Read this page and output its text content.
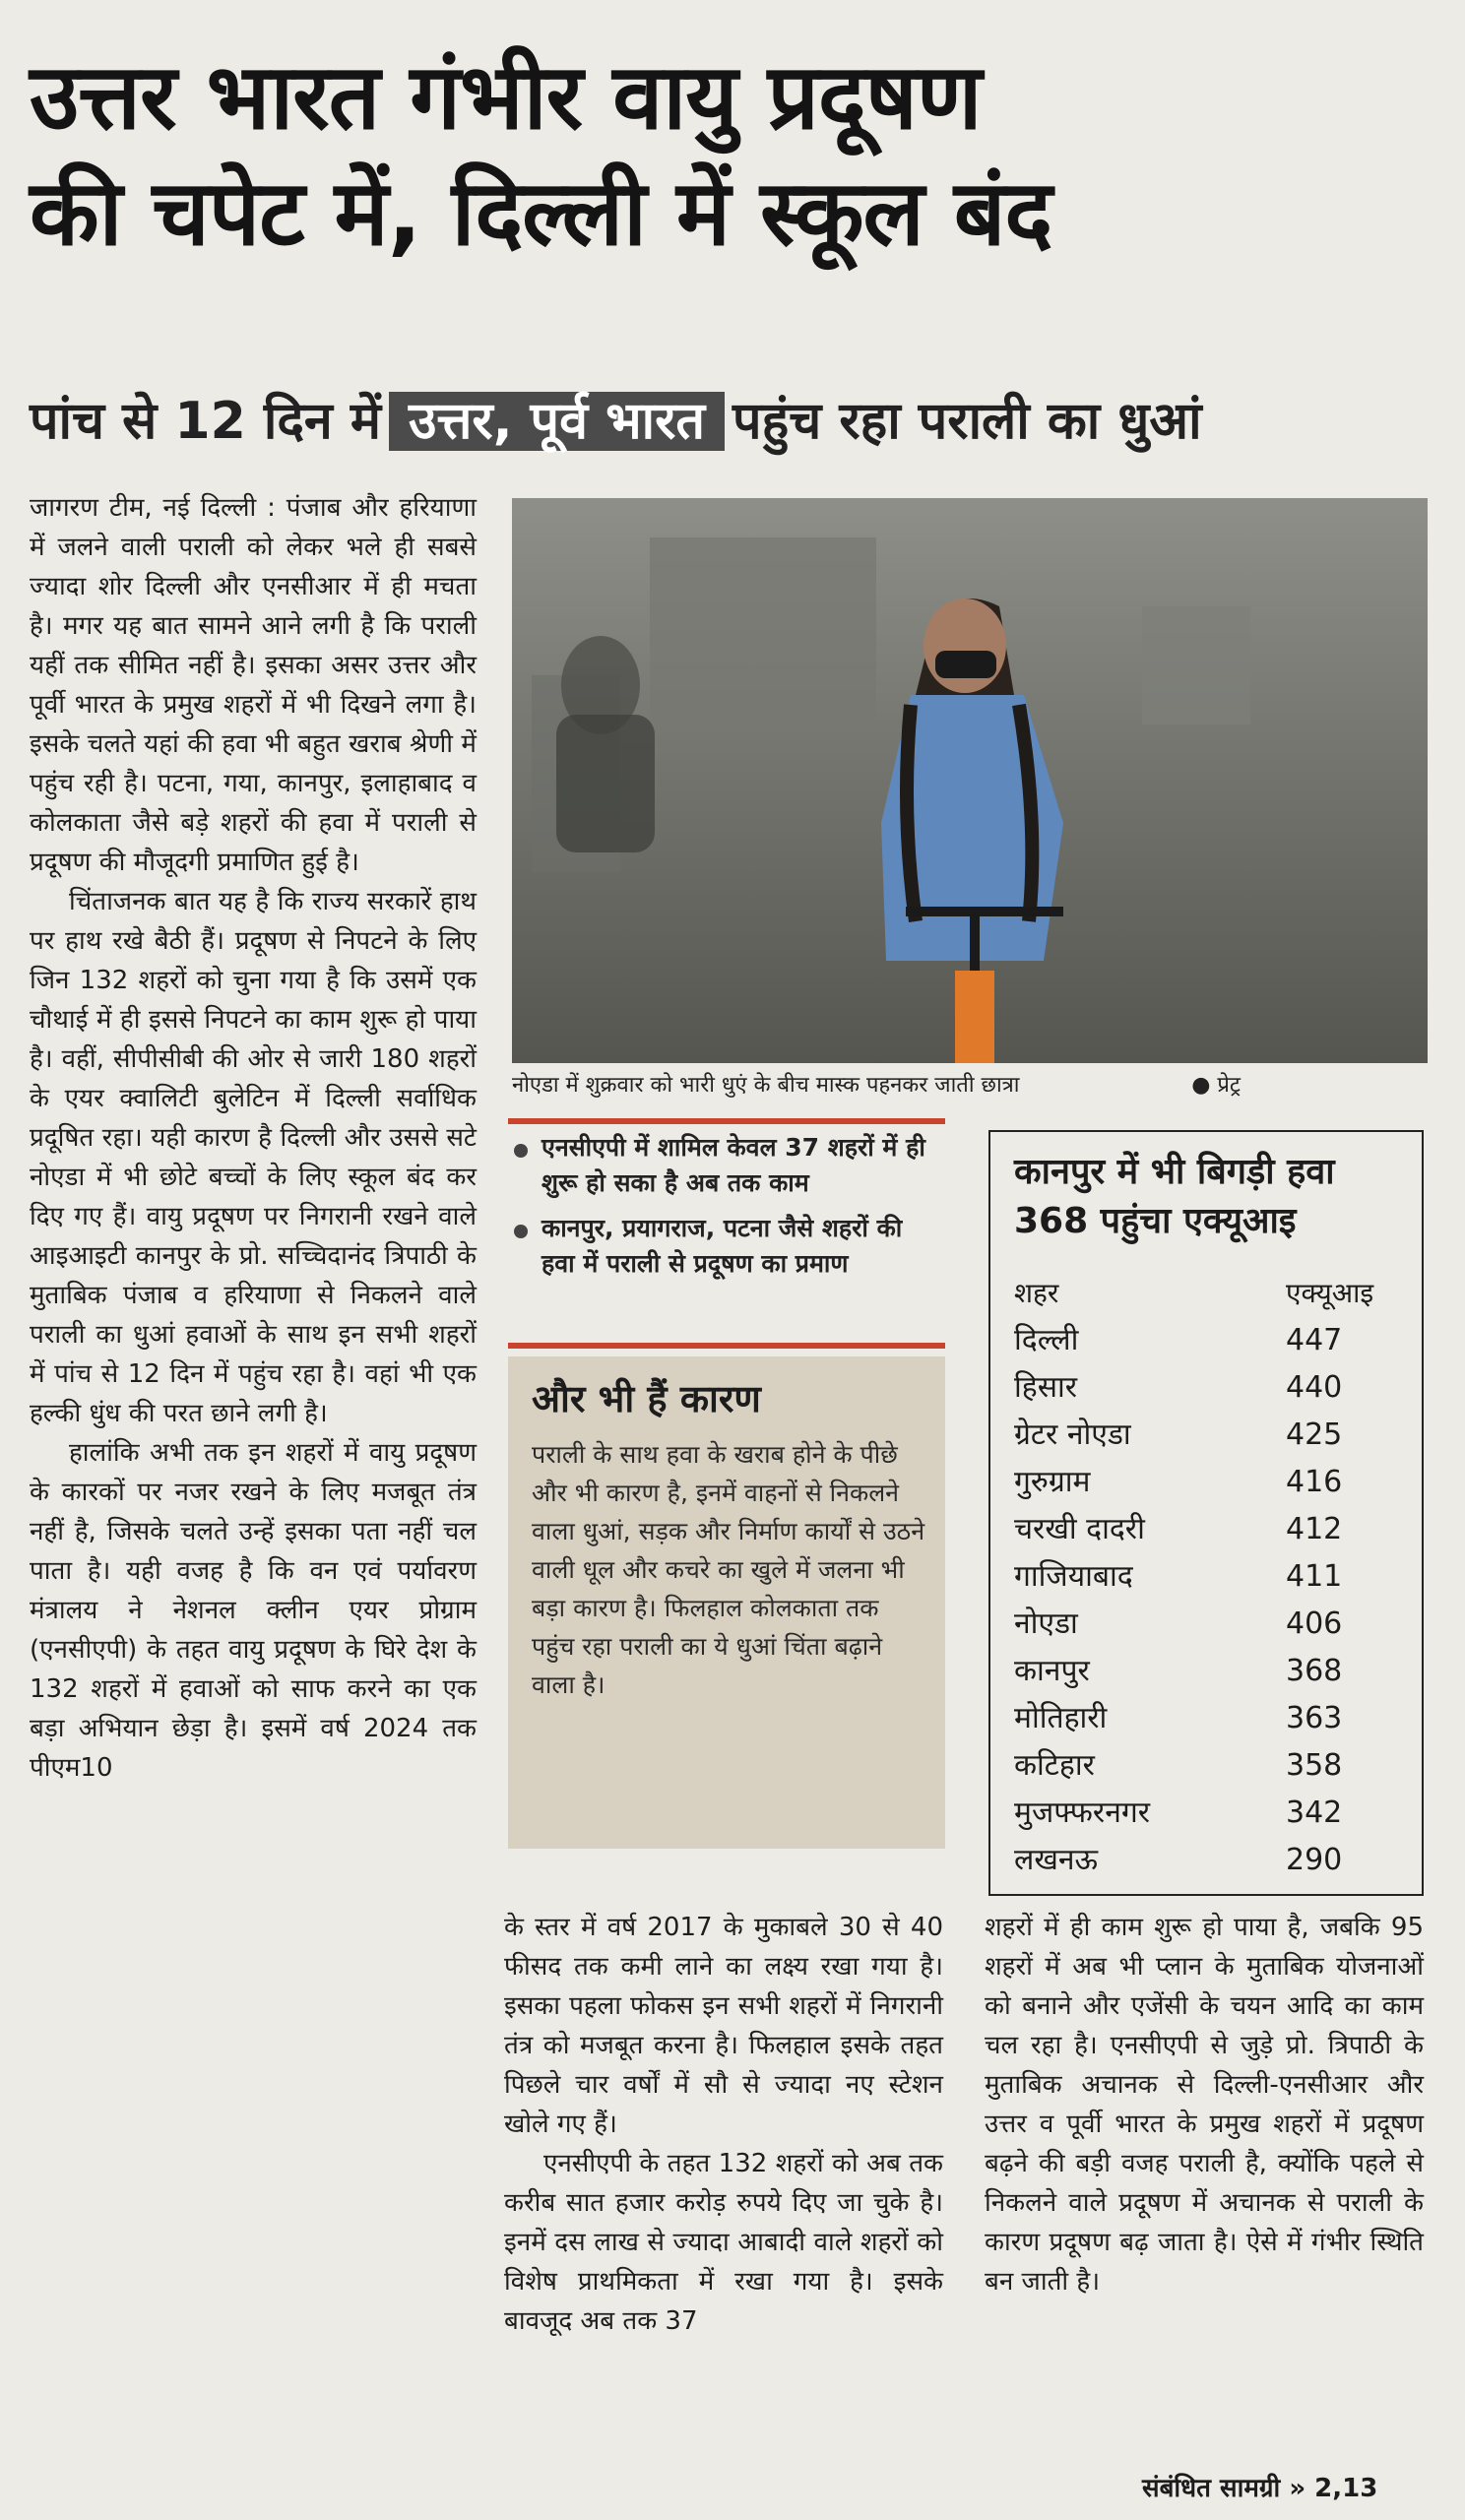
उत्तर भारत गंभीर वायु प्रदूषण
की चपेट में, दिल्ली में स्कूल बंद
पांच से 12 दिन में उत्तर, पूर्व भारत पहुंच रहा पराली का धुआं

जागरण टीम, नई दिल्ली : पंजाब और हरियाणा में जलने वाली पराली को लेकर भले ही सबसे ज्यादा शोर दिल्ली और एनसीआर में ही मचता है। मगर यह बात सामने आने लगी है कि पराली यहीं तक सीमित नहीं है। इसका असर उत्तर और पूर्वी भारत के प्रमुख शहरों में भी दिखने लगा है। इसके चलते यहां की हवा भी बहुत खराब श्रेणी में पहुंच रही है। पटना, गया, कानपुर, इलाहाबाद व कोलकाता जैसे बड़े शहरों की हवा में पराली से प्रदूषण की मौजूदगी प्रमाणित हुई है।

चिंताजनक बात यह है कि राज्य सरकारें हाथ पर हाथ रखे बैठी हैं। प्रदूषण से निपटने के लिए जिन 132 शहरों को चुना गया है कि उसमें एक चौथाई में ही इससे निपटने का काम शुरू हो पाया है। वहीं, सीपीसीबी की ओर से जारी 180 शहरों के एयर क्वालिटी बुलेटिन में दिल्ली सर्वाधिक प्रदूषित रहा। यही कारण है दिल्ली और उससे सटे नोएडा में भी छोटे बच्चों के लिए स्कूल बंद कर दिए गए हैं। वायु प्रदूषण पर निगरानी रखने वाले आइआइटी कानपुर के प्रो. सच्चिदानंद त्रिपाठी के मुताबिक पंजाब व हरियाणा से निकलने वाले पराली का धुआं हवाओं के साथ इन सभी शहरों में पांच से 12 दिन में पहुंच रहा है। वहां भी एक हल्की धुंध की परत छाने लगी है।

हालांकि अभी तक इन शहरों में वायु प्रदूषण के कारकों पर नजर रखने के लिए मजबूत तंत्र नहीं है, जिसके चलते उन्हें इसका पता नहीं चल पाता है। यही वजह है कि वन एवं पर्यावरण मंत्रालय ने नेशनल क्लीन एयर प्रोग्राम (एनसीएपी) के तहत वायु प्रदूषण के घिरे देश के 132 शहरों में हवाओं को साफ करने का एक बड़ा अभियान छेड़ा है। इसमें वर्ष 2024 तक पीएम10

नोएडा में शुक्रवार को भारी धुएं के बीच मास्क पहनकर जाती छात्रा	● प्रेट्र
एनसीएपी में शामिल केवल 37 शहरों में ही शुरू हो सका है अब तक काम
कानपुर, प्रयागराज, पटना जैसे शहरों की हवा में पराली से प्रदूषण का प्रमाण
और भी हैं कारण
पराली के साथ हवा के खराब होने के पीछे और भी कारण है, इनमें वाहनों से निकलने वाला धुआं, सड़क और निर्माण कार्यों से उठने वाली धूल और कचरे का खुले में जलना भी बड़ा कारण है। फिलहाल कोलकाता तक पहुंच रहा पराली का ये धुआं चिंता बढ़ाने वाला है।
कानपुर में भी बिगड़ी हवा
368 पहुंचा एक्यूआइ
शहर	एक्यूआइ
दिल्ली	447
हिसार	440
ग्रेटर नोएडा	425
गुरुग्राम	416
चरखी दादरी	412
गाजियाबाद	411
नोएडा	406
कानपुर	368
मोतिहारी	363
कटिहार	358
मुजफ्फरनगर	342
लखनऊ	290

के स्तर में वर्ष 2017 के मुकाबले 30 से 40 फीसद तक कमी लाने का लक्ष्य रखा गया है। इसका पहला फोकस इन सभी शहरों में निगरानी तंत्र को मजबूत करना है। फिलहाल इसके तहत पिछले चार वर्षों में सौ से ज्यादा नए स्टेशन खोले गए हैं।

एनसीएपी के तहत 132 शहरों को अब तक करीब सात हजार करोड़ रुपये दिए जा चुके है। इनमें दस लाख से ज्यादा आबादी वाले शहरों को विशेष प्राथमिकता में रखा गया है। इसके बावजूद अब तक 37

शहरों में ही काम शुरू हो पाया है, जबकि 95 शहरों में अब भी प्लान के मुताबिक योजनाओं को बनाने और एजेंसी के चयन आदि का काम चल रहा है। एनसीएपी से जुड़े प्रो. त्रिपाठी के मुताबिक अचानक से दिल्ली-एनसीआर और उत्तर व पूर्वी भारत के प्रमुख शहरों में प्रदूषण बढ़ने की बड़ी वजह पराली है, क्योंकि पहले से निकलने वाले प्रदूषण में अचानक से पराली के कारण प्रदूषण बढ़ जाता है। ऐसे में गंभीर स्थिति बन जाती है।

संबंधित सामग्री » 2,13
